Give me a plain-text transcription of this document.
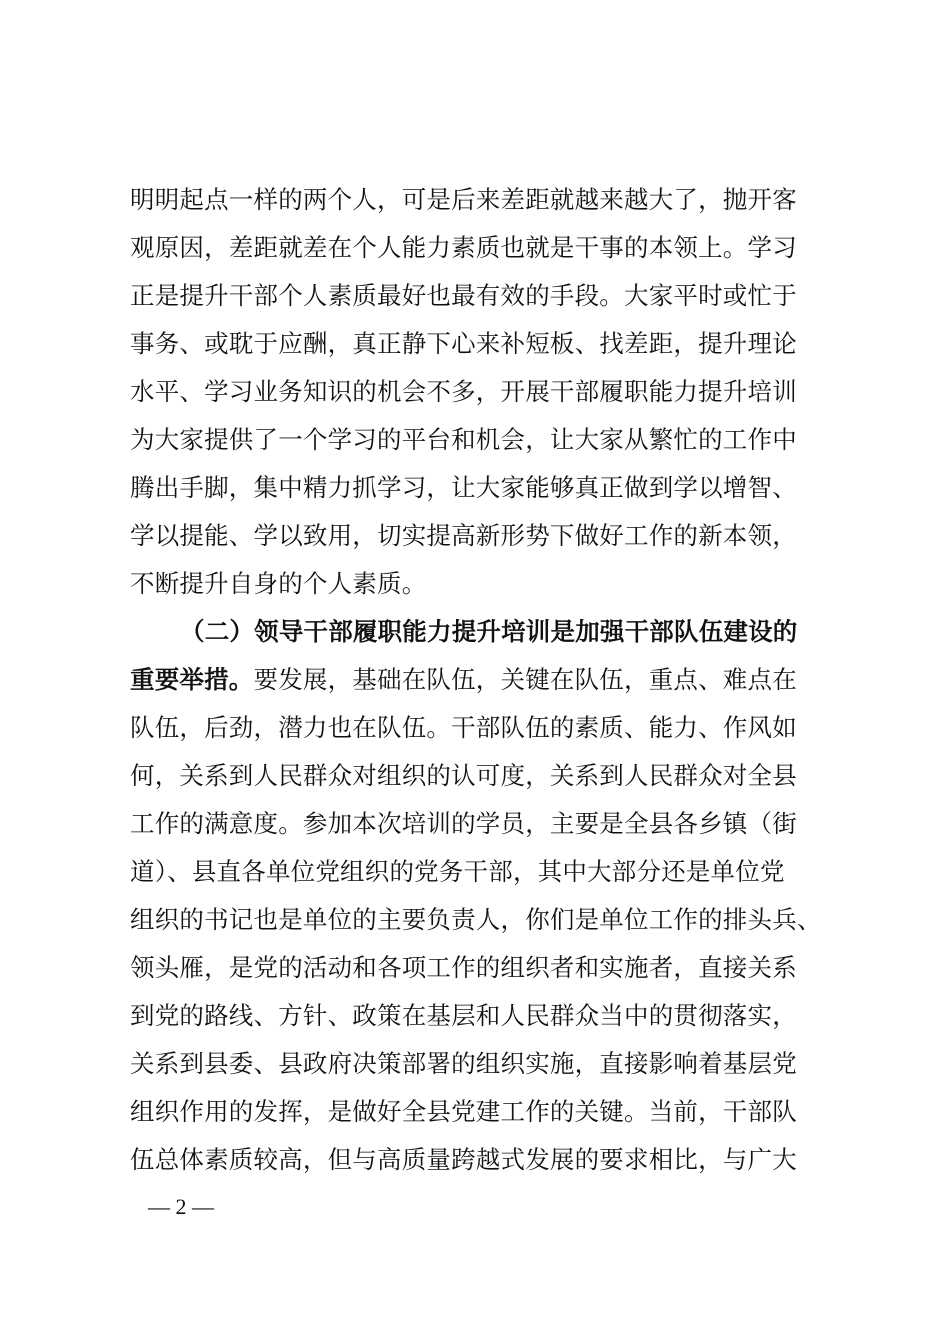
明明起点一样的两个人，可是后来差距就越来越大了，抛开客
观原因，差距就差在个人能力素质也就是干事的本领上。学习
正是提升干部个人素质最好也最有效的手段。大家平时或忙于
事务、或耽于应酬，真正静下心来补短板、找差距，提升理论
水平、学习业务知识的机会不多，开展干部履职能力提升培训
为大家提供了一个学习的平台和机会，让大家从繁忙的工作中
腾出手脚，集中精力抓学习，让大家能够真正做到学以增智、
学以提能、学以致用，切实提高新形势下做好工作的新本领，
不断提升自身的个人素质。
（二）领导干部履职能力提升培训是加强干部队伍建设的
重要举措。要发展，基础在队伍，关键在队伍，重点、难点在
队伍，后劲，潜力也在队伍。干部队伍的素质、能力、作风如
何，关系到人民群众对组织的认可度，关系到人民群众对全县
工作的满意度。参加本次培训的学员，主要是全县各乡镇（街
道）、县直各单位党组织的党务干部，其中大部分还是单位党
组织的书记也是单位的主要负责人，你们是单位工作的排头兵、
领头雁，是党的活动和各项工作的组织者和实施者，直接关系
到党的路线、方针、政策在基层和人民群众当中的贯彻落实，
关系到县委、县政府决策部署的组织实施，直接影响着基层党
组织作用的发挥，是做好全县党建工作的关键。当前，干部队
伍总体素质较高，但与高质量跨越式发展的要求相比，与广大
— 2 —
